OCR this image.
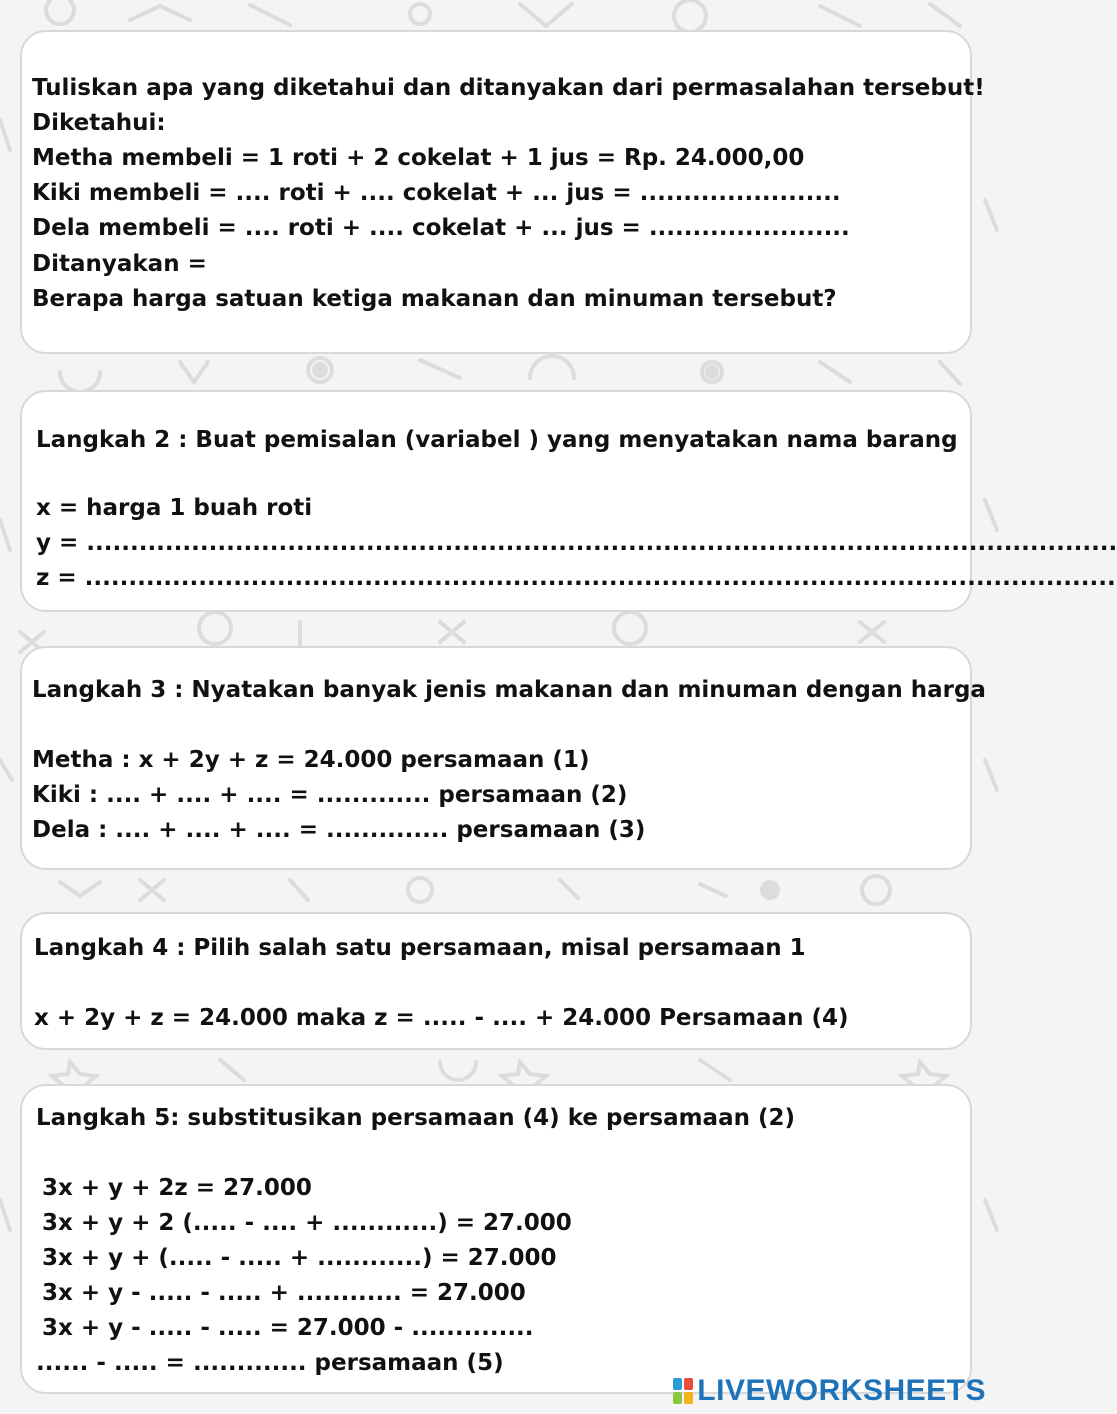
Tuliskan apa yang diketahui dan ditanyakan dari permasalahan tersebut!
Diketahui:
Metha membeli = 1 roti + 2 cokelat + 1 jus = Rp. 24.000,00
Kiki membeli = .... roti + .... cokelat + ... jus = .......................
Dela membeli = .... roti + .... cokelat + ... jus = .......................
Ditanyakan =
Berapa harga satuan ketiga makanan dan minuman tersebut?
Langkah 2 : Buat pemisalan (variabel ) yang menyatakan nama barang
x = harga 1 buah roti
y = ......................................................................................................................
z = ......................................................................................................................
Langkah 3 : Nyatakan banyak jenis makanan dan minuman dengan harga
Metha : x + 2y + z = 24.000 persamaan (1)
Kiki : .... + .... + .... = ............. persamaan (2)
Dela : .... + .... + .... = .............. persamaan (3)
Langkah 4 : Pilih salah satu persamaan, misal persamaan 1
x + 2y + z = 24.000 maka z = ..... - .... + 24.000 Persamaan (4)
Langkah 5: substitusikan persamaan (4) ke persamaan (2)
3x + y + 2z = 27.000
3x + y + 2 (..... - .... + ............) = 27.000
3x + y + (..... - ..... + ............) = 27.000
3x + y - ..... - ..... + ............ = 27.000
3x + y - ..... - ..... = 27.000 - ..............
...... - ..... = ............. persamaan (5)
LIVEWORKSHEETS
